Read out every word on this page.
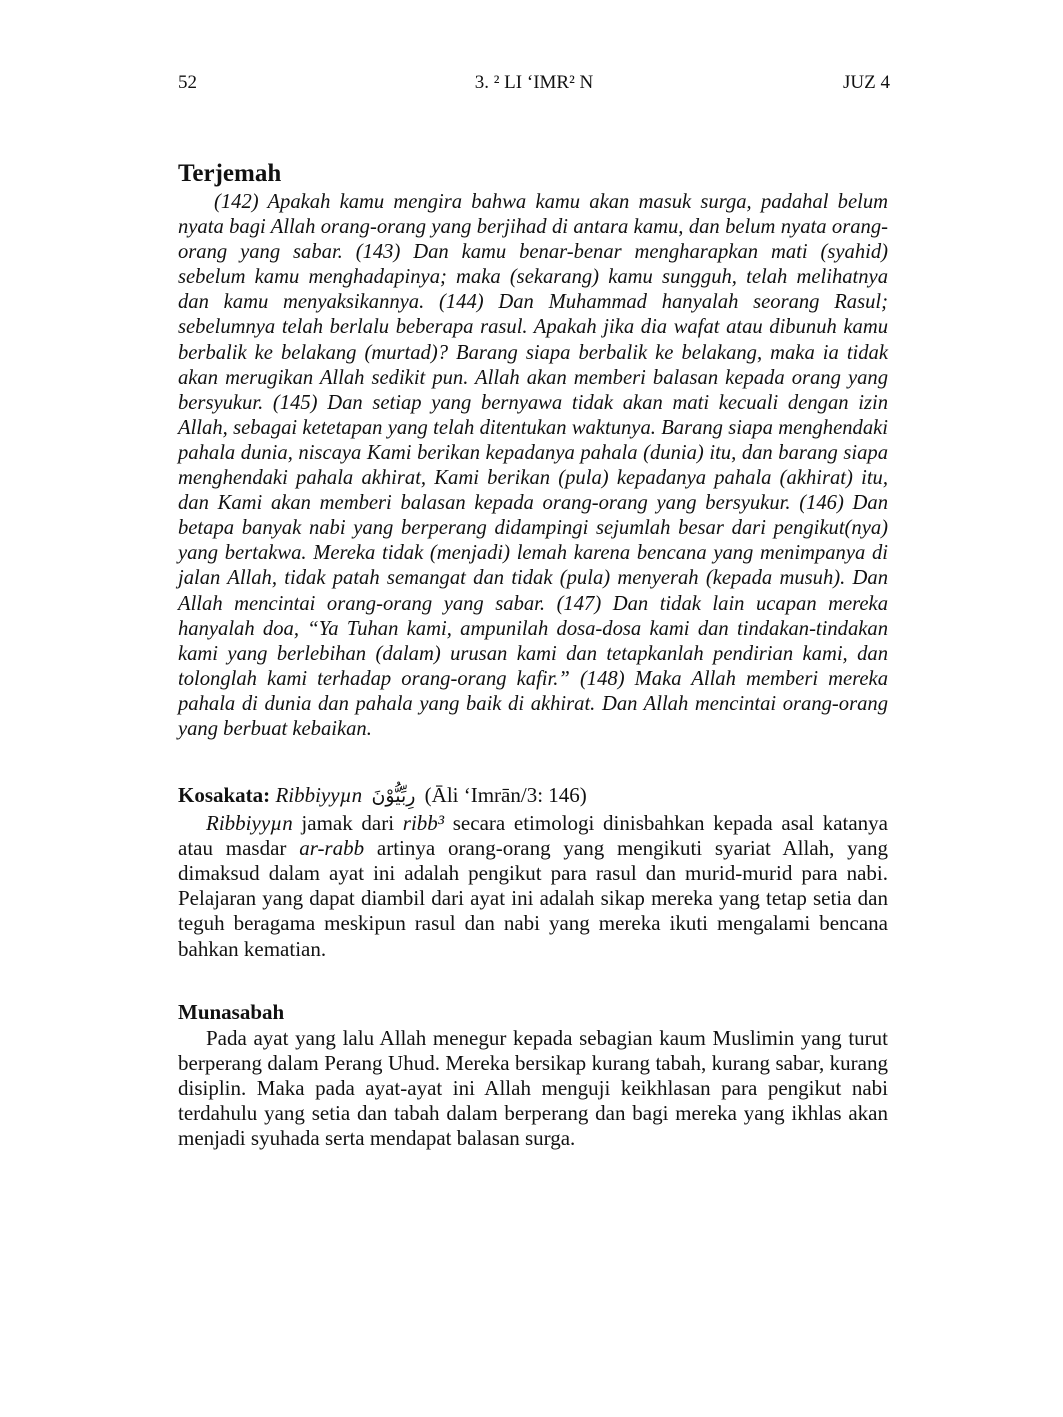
52	3. ² LI ‘IMR² N	JUZ 4
Terjemah

(142) Apakah kamu mengira bahwa kamu akan masuk surga, padahal belum nyata bagi Allah orang-orang yang berjihad di antara kamu, dan belum nyata orang-orang yang sabar. (143) Dan kamu benar-benar mengharapkan mati (syahid) sebelum kamu menghadapinya; maka (sekarang) kamu sungguh, telah melihatnya dan kamu menyaksikannya. (144) Dan Muhammad hanyalah seorang Rasul; sebelumnya telah berlalu beberapa rasul. Apakah jika dia wafat atau dibunuh kamu berbalik ke belakang (murtad)? Barang siapa berbalik ke belakang, maka ia tidak akan merugikan Allah sedikit pun. Allah akan memberi balasan kepada orang yang bersyukur. (145) Dan setiap yang bernyawa tidak akan mati kecuali dengan izin Allah, sebagai ketetapan yang telah ditentukan waktunya. Barang siapa menghendaki pahala dunia, niscaya Kami berikan kepadanya pahala (dunia) itu, dan barang siapa menghendaki pahala akhirat, Kami berikan (pula) kepadanya pahala (akhirat) itu, dan Kami akan memberi balasan kepada orang-orang yang bersyukur. (146) Dan betapa banyak nabi yang berperang didampingi sejumlah besar dari pengikut(nya) yang bertakwa. Mereka tidak (menjadi) lemah karena bencana yang menimpanya di jalan Allah, tidak patah semangat dan tidak (pula) menyerah (kepada musuh). Dan Allah mencintai orang-orang yang sabar. (147) Dan tidak lain ucapan mereka hanyalah doa, “Ya Tuhan kami, ampunilah dosa-dosa kami dan tindakan-tindakan kami yang berlebihan (dalam) urusan kami dan tetapkanlah pendirian kami, dan tolonglah kami terhadap orang-orang kafir.” (148) Maka Allah memberi mereka pahala di dunia dan pahala yang baik di akhirat. Dan Allah mencintai orang-orang yang berbuat kebaikan.

Kosakata: Ribbiyyµn رِبِّيُّوْنَ (Āli ‘Imrān/3: 146)

Ribbiyyµn jamak dari ribb³ secara etimologi dinisbahkan kepada asal katanya atau masdar ar-rabb artinya orang-orang yang mengikuti syariat Allah, yang dimaksud dalam ayat ini adalah pengikut para rasul dan murid-murid para nabi. Pelajaran yang dapat diambil dari ayat ini adalah sikap mereka yang tetap setia dan teguh beragama meskipun rasul dan nabi yang mereka ikuti mengalami bencana bahkan kematian.

Munasabah

Pada ayat yang lalu Allah menegur kepada sebagian kaum Muslimin yang turut berperang dalam Perang Uhud. Mereka bersikap kurang tabah, kurang sabar, kurang disiplin. Maka pada ayat-ayat ini Allah menguji keikhlasan para pengikut nabi terdahulu yang setia dan tabah dalam berperang dan bagi mereka yang ikhlas akan menjadi syuhada serta mendapat balasan surga.
